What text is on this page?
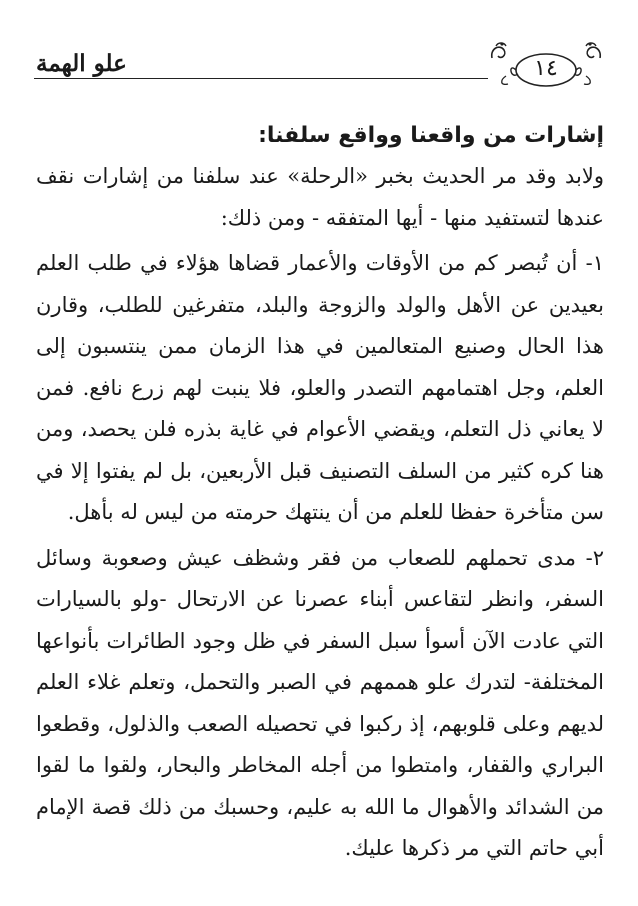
علو الهمة	١٤
إشارات من واقعنا وواقع سلفنا:

ولابد وقد مر الحديث بخبر «الرحلة» عند سلفنا من إشارات نقف عندها لتستفيد منها - أيها المتفقه - ومن ذلك:

١- أن تُبصر كم من الأوقات والأعمار قضاها هؤلاء في طلب العلم بعيدين عن الأهل والولد والزوجة والبلد، متفرغين للطلب، وقارن هذا الحال وصنيع المتعالمين في هذا الزمان ممن ينتسبون إلى العلم، وجل اهتمامهم التصدر والعلو، فلا ينبت لهم زرع نافع. فمن لا يعاني ذل التعلم، ويقضي الأعوام في غاية بذره فلن يحصد، ومن هنا كره كثير من السلف التصنيف قبل الأربعين، بل لم يفتوا إلا في سن متأخرة حفظا للعلم من أن ينتهك حرمته من ليس له بأهل.

٢- مدى تحملهم للصعاب من فقر وشظف عيش وصعوبة وسائل السفر، وانظر لتقاعس أبناء عصرنا عن الارتحال -ولو بالسيارات التي عادت الآن أسوأ سبل السفر في ظل وجود الطائرات بأنواعها المختلفة- لتدرك علو هممهم في الصبر والتحمل، وتعلم غلاء العلم لديهم وعلى قلوبهم، إذ ركبوا في تحصيله الصعب والذلول، وقطعوا البراري والقفار، وامتطوا من أجله المخاطر والبحار، ولقوا ما لقوا من الشدائد والأهوال ما الله به عليم، وحسبك من ذلك قصة الإمام أبي حاتم التي مر ذكرها عليك.
